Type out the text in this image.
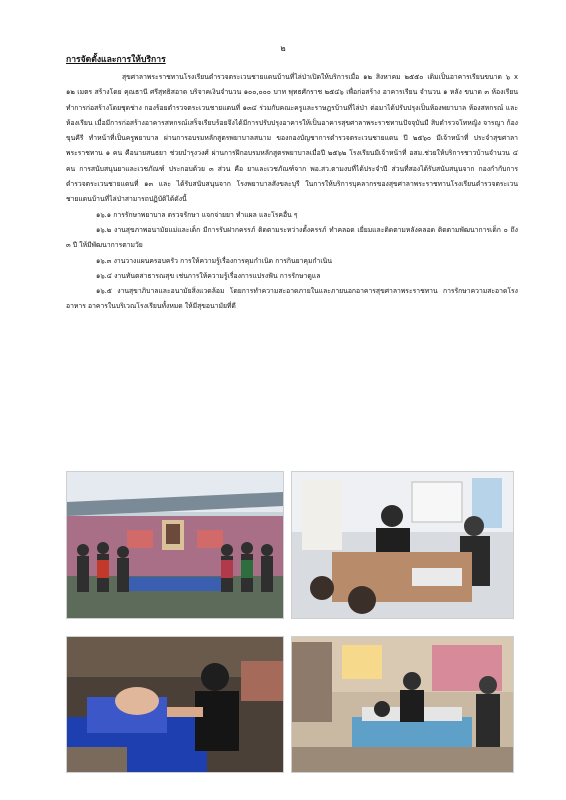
๒
การจัดตั้งและการให้บริการ

สุขศาลาพระราชทานโรงเรียนตำรวจตระเวนชายแดนบ้านที่ไล่ป่าเปิดให้บริการเมื่อ ๑๒ สิงหาคม ๒๕๕๐ เดิมเป็นอาคารเรียนขนาด ๖ x ๑๒ เมตร สร้างโดย คุณธานี ศรีสุทธิสอาด บริจาคเงินจำนวน ๑๐๐,๐๐๐ บาท พุทธศักราช ๒๕๔๖ เพื่อก่อสร้าง อาคารเรียน จำนวน ๑ หลัง ขนาด ๓ ห้องเรียนทำการก่อสร้างโดยชุดช่าง กองร้อยตำรวจตระเวนชายแดนที่ ๑๓๔ ร่วมกับคณะครูและราษฎรบ้านที่ไล่ป่า ต่อมาได้ปรับปรุงเป็นห้องพยาบาล ห้องสหกรณ์ และห้องเรียน เมื่อมีการก่อสร้างอาคารสหกรณ์เสร็จเรียบร้อยจึงได้มีการปรับปรุงอาคารให้เป็นอาคารสุขศาลาพระราชทานปัจจุบันมี สิบตำรวจโทหญิง จารญา ก้องขุนคีรี ทำหน้าที่เป็นครูพยาบาล ผ่านการอบรมหลักสูตรพยาบาลสนาม ของกองบัญชาการตำรวจตระเวนชายแดน ปี ๒๕๖๐ มีเจ้าหน้าที่ ประจำสุขศาลาพระราชทาน ๑ คน คือนายสนธยา ช่วยบำรุงวงศ์ ผ่านการฝึกอบรมหลักสูตรพยาบาลเมื่อปี ๒๕๖๒ โรงเรียนมีเจ้าหน้าที่ อสม.ช่วยให้บริการชาวบ้านจำนวน ๔ คน การสนับสนุนยาและเวชภัณฑ์ ประกอบด้วย ๓ ส่วน คือ ยาและเวชภัณฑ์จาก พอ.สว.ตามงบที่ได้ประจำปี ส่วนที่สองได้รับสนับสนุนจาก กองกำกับการตำรวจตระเวนชายแดนที่ ๑๓ และ ได้รับสนับสนุนจาก โรงพยาบาลสังขละบุรี ในการให้บริการบุคลากรของสุขศาลาพระราชทานโรงเรียนตำรวจตระเวนชายแดนบ้านที่ไล่ป่าสามารถปฏิบัติได้ดังนี้

๑๖.๑ การรักษาพยาบาล ตรวจรักษา แจกจ่ายยา ทำแผล และโรคอื่น ๆ

๑๖.๒ งานสุขภาพอนามัยแม่และเด็ก มีการรับฝากครรภ์ ติดตามระหว่างตั้งครรภ์ ทำคลอด เยี่ยมและติดตามหลังคลอด ติดตามพัฒนาการเด็ก ๐ ถึง ๓ ปี ให้มีพัฒนาการตามวัย

๑๖.๓ งานวางแผนครอบครัว การให้ความรู้เรื่องการคุมกำเนิด การกินยาคุมกำเนิน

๑๖.๔ งานทันตสาธารณสุข เช่นการให้ความรู้เรื่องการแปรงฟัน การรักษาดูแล

๑๖.๕ งานสุขาภิบาลและอนามัยสิ่งแวดล้อม โดยการทำความสะอาดภายในและภายนอกอาคารสุขศาลาพระราชทาน การรักษาความสะอาดโรงอาหาร อาคารในบริเวณโรงเรียนทั้งหมด ให้มีสุขอนามัยที่ดี
